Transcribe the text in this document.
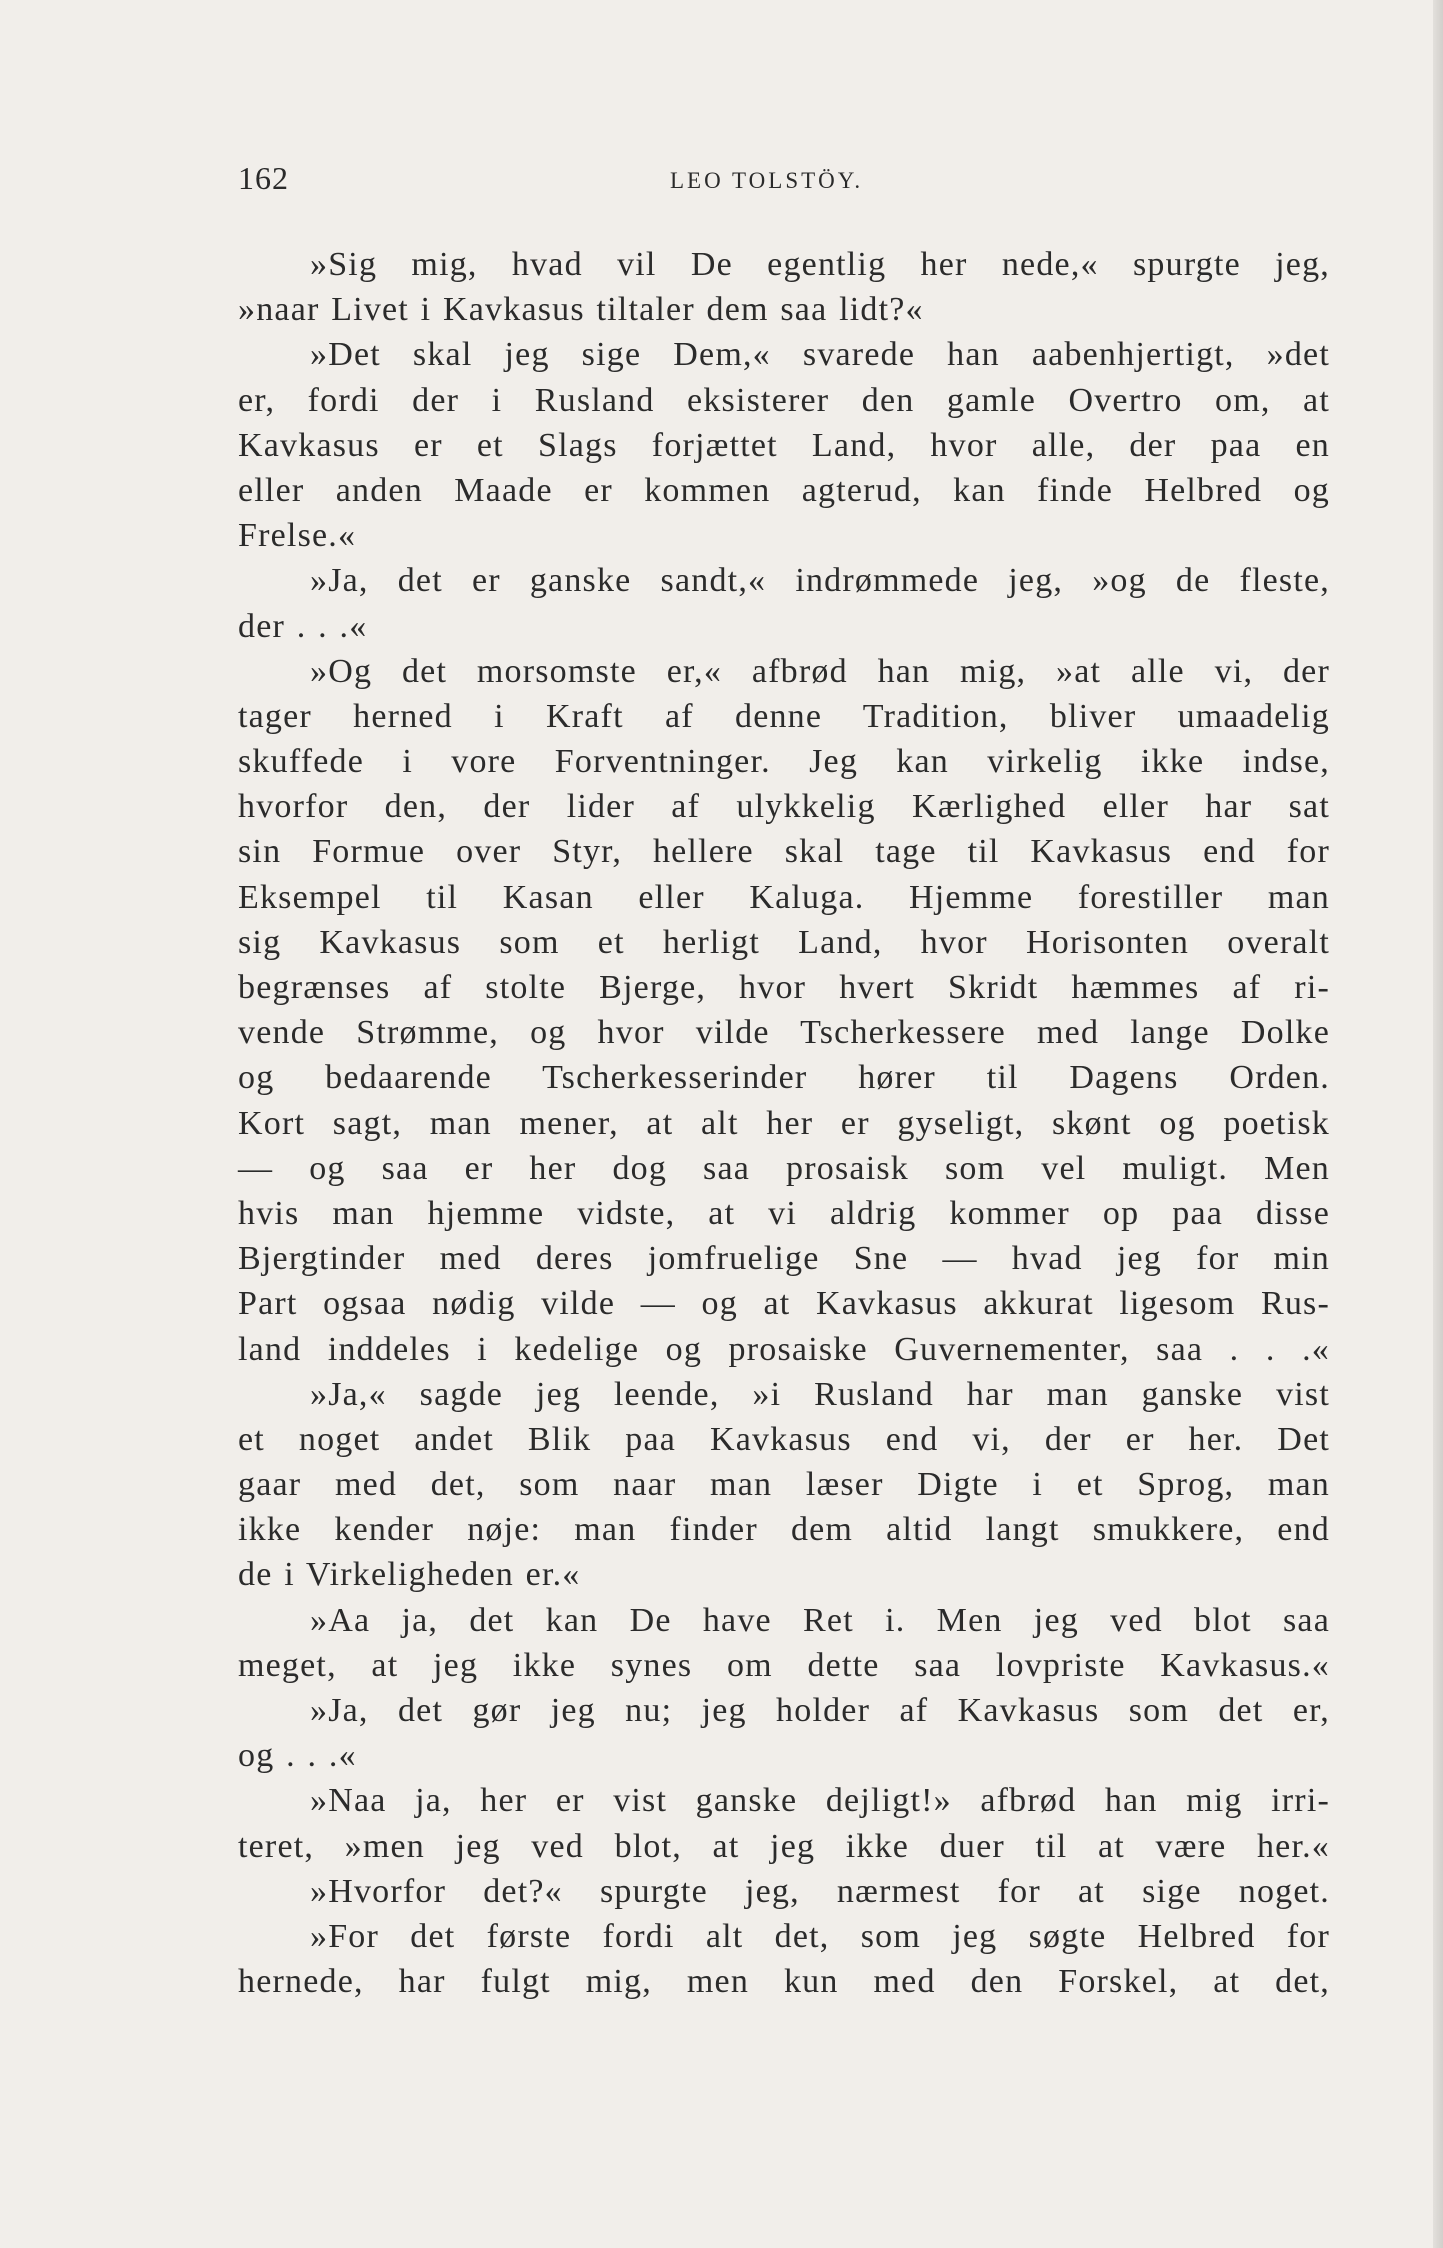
162	LEO TOLSTÖY.
»Sig mig, hvad vil De egentlig her nede,« spurgte jeg,
»naar Livet i Kavkasus tiltaler dem saa lidt?«
»Det skal jeg sige Dem,« svarede han aabenhjertigt, »det
er, fordi der i Rusland eksisterer den gamle Overtro om, at
Kavkasus er et Slags forjættet Land, hvor alle, der paa en
eller anden Maade er kommen agterud, kan finde Helbred og
Frelse.«
»Ja, det er ganske sandt,« indrømmede jeg, »og de fleste,
der . . .«
»Og det morsomste er,« afbrød han mig, »at alle vi, der
tager herned i Kraft af denne Tradition, bliver umaadelig
skuffede i vore Forventninger. Jeg kan virkelig ikke indse,
hvorfor den, der lider af ulykkelig Kærlighed eller har sat
sin Formue over Styr, hellere skal tage til Kavkasus end for
Eksempel til Kasan eller Kaluga. Hjemme forestiller man
sig Kavkasus som et herligt Land, hvor Horisonten overalt
begrænses af stolte Bjerge, hvor hvert Skridt hæmmes af ri-
vende Strømme, og hvor vilde Tscherkessere med lange Dolke
og bedaarende Tscherkesserinder hører til Dagens Orden.
Kort sagt, man mener, at alt her er gyseligt, skønt og poetisk
— og saa er her dog saa prosaisk som vel muligt. Men
hvis man hjemme vidste, at vi aldrig kommer op paa disse
Bjergtinder med deres jomfruelige Sne — hvad jeg for min
Part ogsaa nødig vilde — og at Kavkasus akkurat ligesom Rus-
land inddeles i kedelige og prosaiske Guvernementer, saa . . .«
»Ja,« sagde jeg leende, »i Rusland har man ganske vist
et noget andet Blik paa Kavkasus end vi, der er her. Det
gaar med det, som naar man læser Digte i et Sprog, man
ikke kender nøje: man finder dem altid langt smukkere, end
de i Virkeligheden er.«
»Aa ja, det kan De have Ret i. Men jeg ved blot saa
meget, at jeg ikke synes om dette saa lovpriste Kavkasus.«
»Ja, det gør jeg nu; jeg holder af Kavkasus som det er,
og . . .«
»Naa ja, her er vist ganske dejligt!» afbrød han mig irri-
teret, »men jeg ved blot, at jeg ikke duer til at være her.«
»Hvorfor det?« spurgte jeg, nærmest for at sige noget.
»For det første fordi alt det, som jeg søgte Helbred for
hernede, har fulgt mig, men kun med den Forskel, at det,
